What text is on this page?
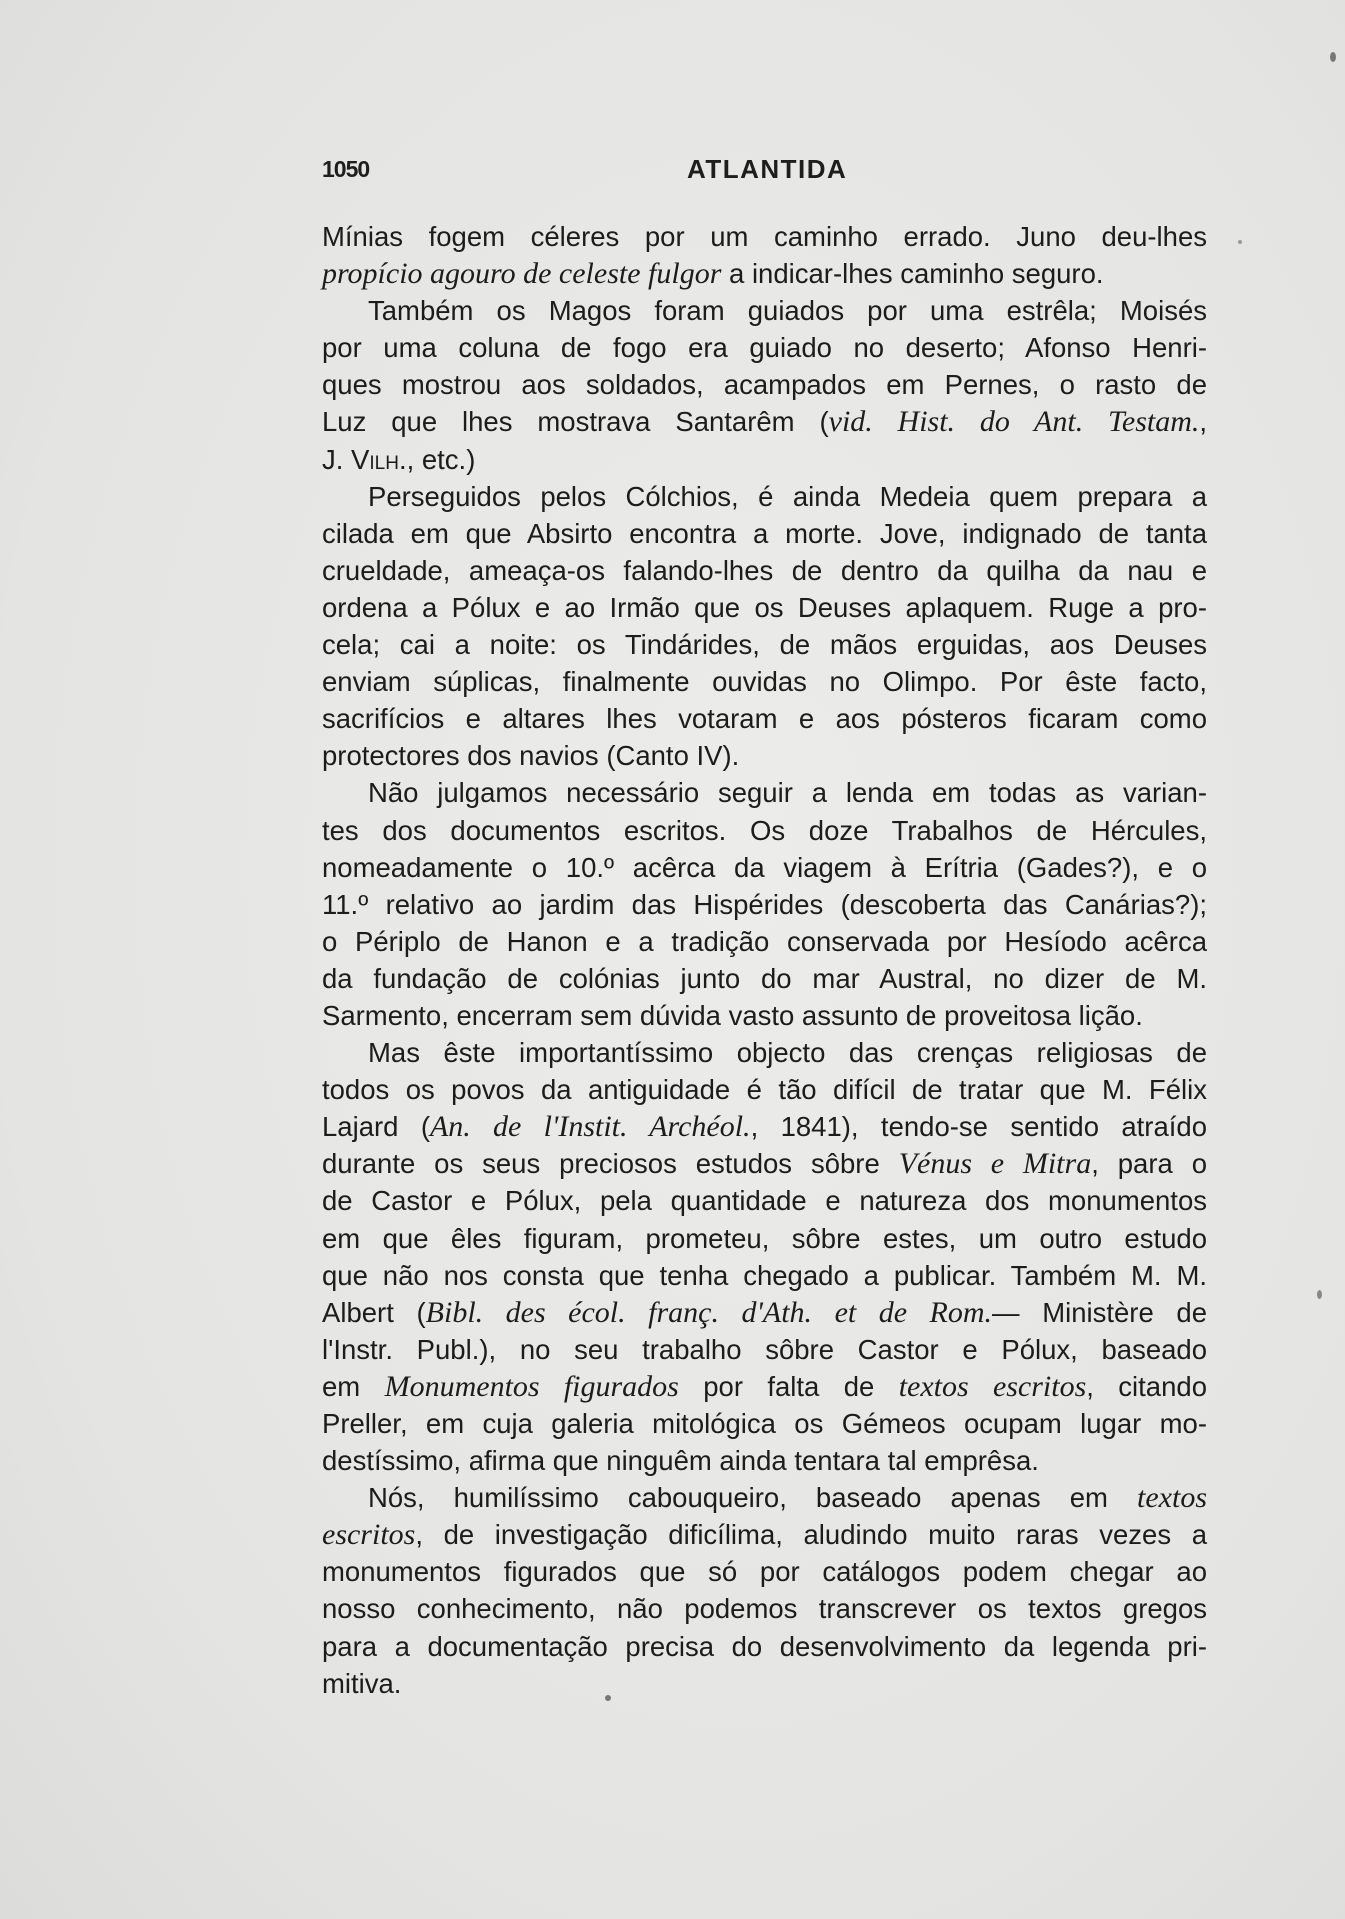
1050	ATLANTIDA
Mínias fogem céleres por um caminho errado. Juno deu-lhes
propício agouro de celeste fulgor a indicar-lhes caminho seguro.
Também os Magos foram guiados por uma estrêla; Moisés
por uma coluna de fogo era guiado no deserto; Afonso Henri-
ques mostrou aos soldados, acampados em Pernes, o rasto de
Luz que lhes mostrava Santarêm (vid. Hist. do Ant. Testam.,
J. Vilh., etc.)
Perseguidos pelos Cólchios, é ainda Medeia quem prepara a
cilada em que Absirto encontra a morte. Jove, indignado de tanta
crueldade, ameaça-os falando-lhes de dentro da quilha da nau e
ordena a Pólux e ao Irmão que os Deuses aplaquem. Ruge a pro-
cela; cai a noite: os Tindárides, de mãos erguidas, aos Deuses
enviam súplicas, finalmente ouvidas no Olimpo. Por êste facto,
sacrifícios e altares lhes votaram e aos pósteros ficaram como
protectores dos navios (Canto IV).
Não julgamos necessário seguir a lenda em todas as varian-
tes dos documentos escritos. Os doze Trabalhos de Hércules,
nomeadamente o 10.º acêrca da viagem à Erítria (Gades?), e o
11.º relativo ao jardim das Hispérides (descoberta das Canárias?);
o Périplo de Hanon e a tradição conservada por Hesíodo acêrca
da fundação de colónias junto do mar Austral, no dizer de M.
Sarmento, encerram sem dúvida vasto assunto de proveitosa lição.
Mas êste importantíssimo objecto das crenças religiosas de
todos os povos da antiguidade é tão difícil de tratar que M. Félix
Lajard (An. de l'Instit. Archéol., 1841), tendo-se sentido atraído
durante os seus preciosos estudos sôbre Vénus e Mitra, para o
de Castor e Pólux, pela quantidade e natureza dos monumentos
em que êles figuram, prometeu, sôbre estes, um outro estudo
que não nos consta que tenha chegado a publicar. Também M. M.
Albert (Bibl. des écol. franç. d'Ath. et de Rom.— Ministère de
l'Instr. Publ.), no seu trabalho sôbre Castor e Pólux, baseado
em Monumentos figurados por falta de textos escritos, citando
Preller, em cuja galeria mitológica os Gémeos ocupam lugar mo-
destíssimo, afirma que ninguêm ainda tentara tal emprêsa.
Nós, humilíssimo cabouqueiro, baseado apenas em textos
escritos, de investigação dificílima, aludindo muito raras vezes a
monumentos figurados que só por catálogos podem chegar ao
nosso conhecimento, não podemos transcrever os textos gregos
para a documentação precisa do desenvolvimento da legenda pri-
mitiva.
